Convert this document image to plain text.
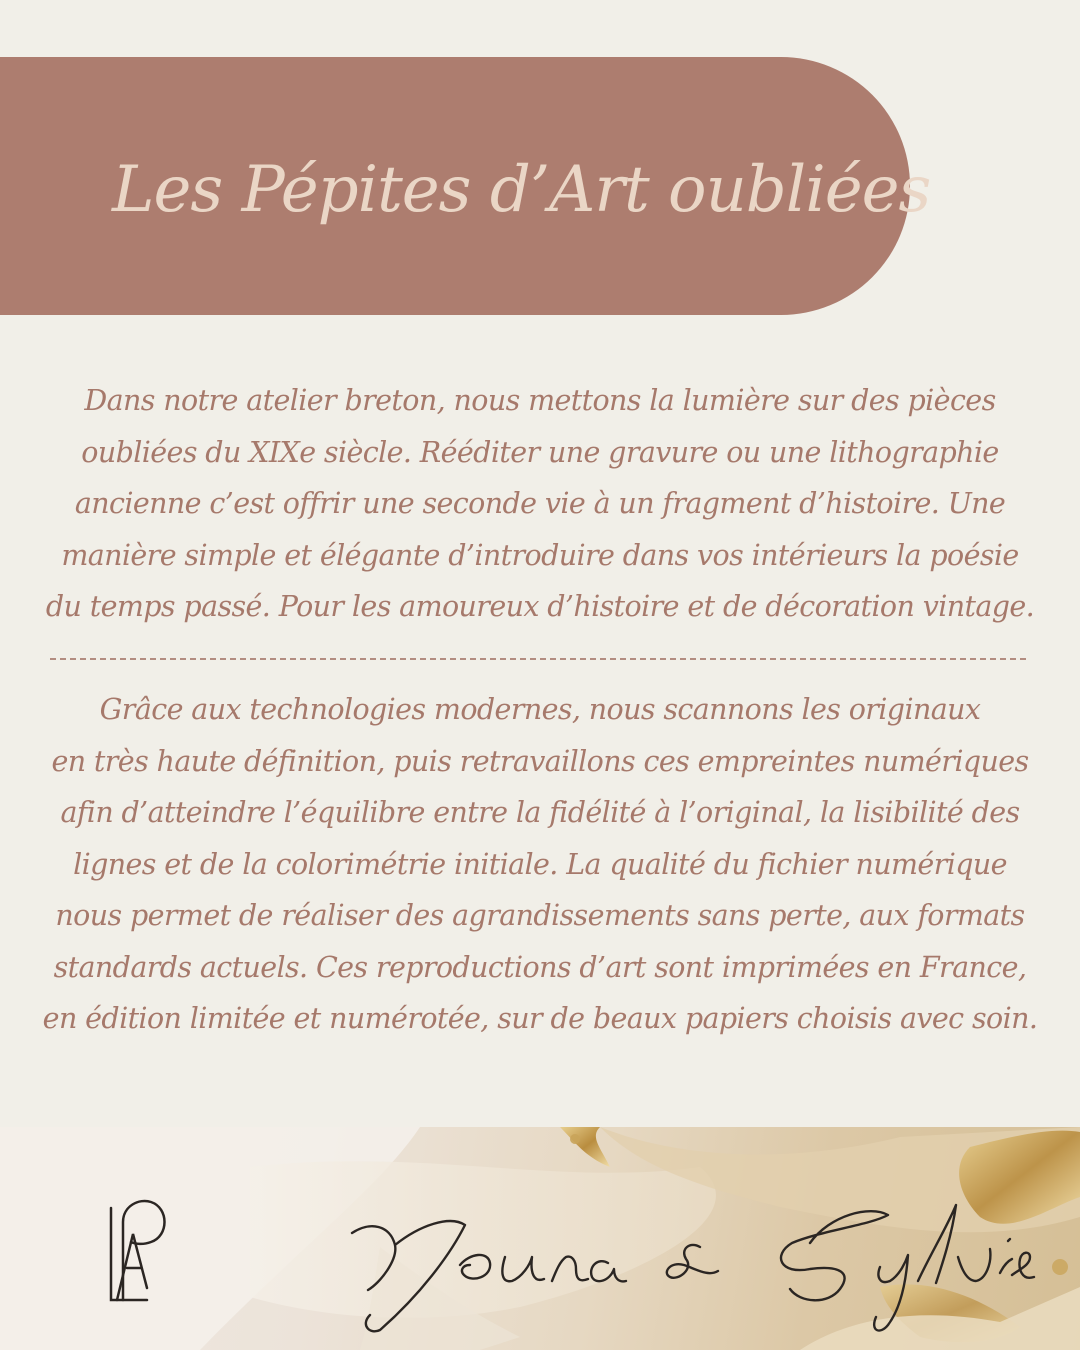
Les Pépites d’Art oubliées
Dans notre atelier breton, nous mettons la lumière sur des pièces
oubliées du XIXe siècle. Rééditer une gravure ou une lithographie
ancienne c’est offrir une seconde vie à un fragment d’histoire. Une
manière simple et élégante d’introduire dans vos intérieurs la poésie
du temps passé. Pour les amoureux d’histoire et de décoration vintage.
Grâce aux technologies modernes, nous scannons les originaux
en très haute définition, puis retravaillons ces empreintes numériques
afin d’atteindre l’équilibre entre la fidélité à l’original, la lisibilité des
lignes et de la colorimétrie initiale. La qualité du fichier numérique
nous permet de réaliser des agrandissements sans perte, aux formats
standards actuels. Ces reproductions d’art sont imprimées en France,
en édition limitée et numérotée, sur de beaux papiers choisis avec soin.
